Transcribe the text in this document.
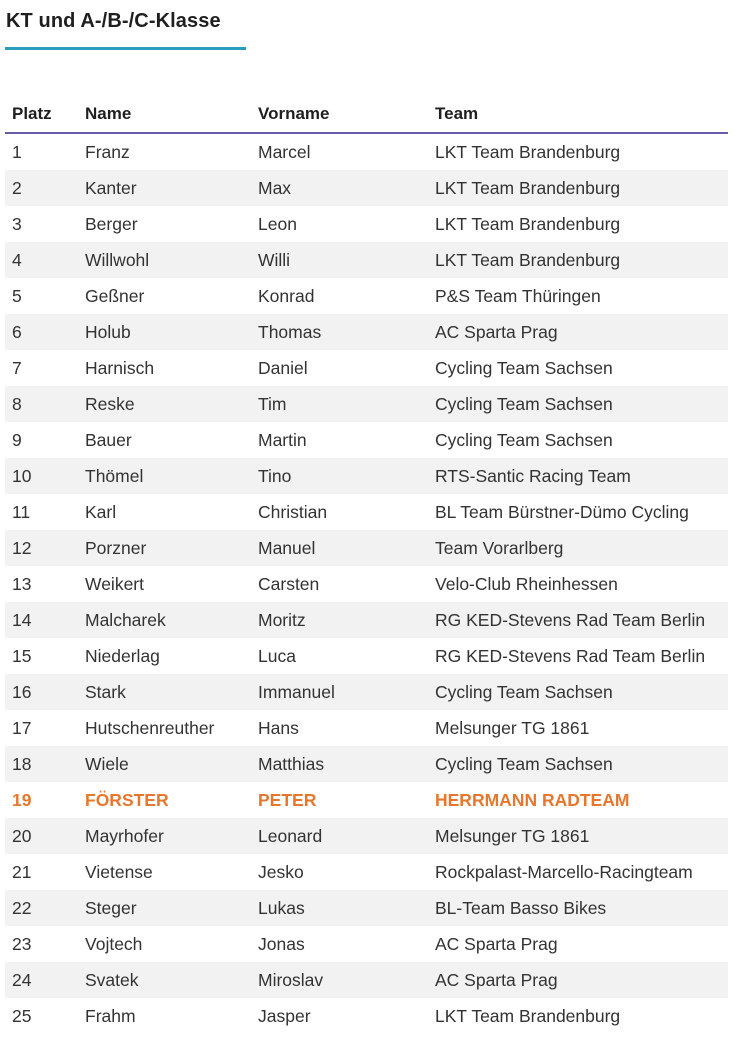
KT und A-/B-/C-Klasse
Platz	Name	Vorname	Team
1	Franz	Marcel	LKT Team Brandenburg
2	Kanter	Max	LKT Team Brandenburg
3	Berger	Leon	LKT Team Brandenburg
4	Willwohl	Willi	LKT Team Brandenburg
5	Geßner	Konrad	P&S Team Thüringen
6	Holub	Thomas	AC Sparta Prag
7	Harnisch	Daniel	Cycling Team Sachsen
8	Reske	Tim	Cycling Team Sachsen
9	Bauer	Martin	Cycling Team Sachsen
10	Thömel	Tino	RTS-Santic Racing Team
11	Karl	Christian	BL Team Bürstner-Dümo Cycling
12	Porzner	Manuel	Team Vorarlberg
13	Weikert	Carsten	Velo-Club Rheinhessen
14	Malcharek	Moritz	RG KED-Stevens Rad Team Berlin
15	Niederlag	Luca	RG KED-Stevens Rad Team Berlin
16	Stark	Immanuel	Cycling Team Sachsen
17	Hutschenreuther	Hans	Melsunger TG 1861
18	Wiele	Matthias	Cycling Team Sachsen
19	FÖRSTER	PETER	HERRMANN RADTEAM
20	Mayrhofer	Leonard	Melsunger TG 1861
21	Vietense	Jesko	Rockpalast-Marcello-Racingteam
22	Steger	Lukas	BL-Team Basso Bikes
23	Vojtech	Jonas	AC Sparta Prag
24	Svatek	Miroslav	AC Sparta Prag
25	Frahm	Jasper	LKT Team Brandenburg
